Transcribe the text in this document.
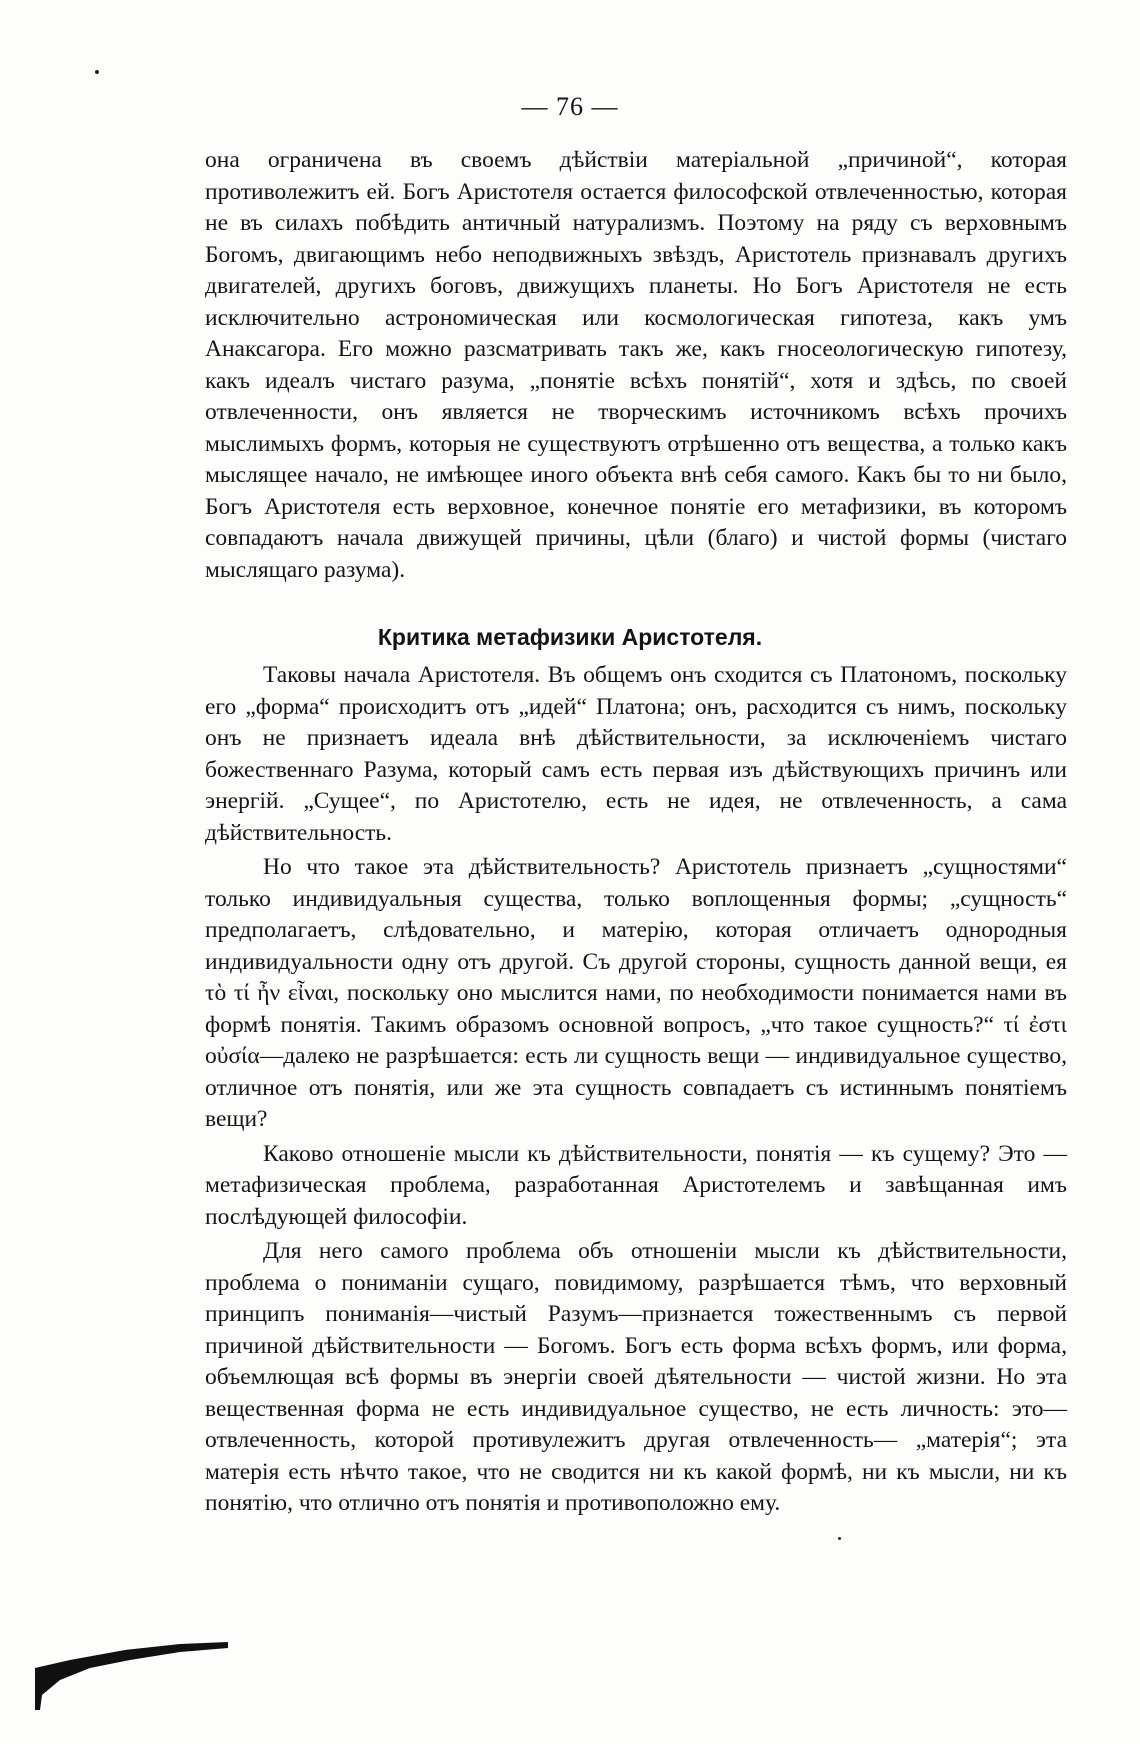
— 76 —

она ограничена въ своемъ дѣйствіи матеріальной „причиной“, которая противолежитъ ей. Богъ Аристотеля остается философской отвлеченностью, которая не въ силахъ побѣдить античный натурализмъ. Поэтому на ряду съ верховнымъ Богомъ, двигающимъ небо неподвижныхъ звѣздъ, Аристотель признавалъ другихъ двигателей, другихъ боговъ, движущихъ планеты. Но Богъ Аристотеля не есть исключительно астрономическая или космологическая гипотеза, какъ умъ Анаксагора. Его можно разсматривать такъ же, какъ гносеологическую гипотезу, какъ идеалъ чистаго разума, „понятіе всѣхъ понятій“, хотя и здѣсь, по своей отвлеченности, онъ является не творческимъ источникомъ всѣхъ прочихъ мыслимыхъ формъ, которыя не существуютъ отрѣшенно отъ вещества, а только какъ мыслящее начало, не имѣющее иного объекта внѣ себя самого. Какъ бы то ни было, Богъ Аристотеля есть верховное, конечное понятіе его метафизики, въ которомъ совпадаютъ начала движущей причины, цѣли (благо) и чистой формы (чистаго мыслящаго разума).

Критика метафизики Аристотеля.

Таковы начала Аристотеля. Въ общемъ онъ сходится съ Платономъ, поскольку его „форма“ происходитъ отъ „идей“ Платона; онъ, расходится съ нимъ, поскольку онъ не признаетъ идеала внѣ дѣйствительности, за исключеніемъ чистаго божественнаго Разума, который самъ есть первая изъ дѣйствующихъ причинъ или энергій. „Сущее“, по Аристотелю, есть не идея, не отвлеченность, а сама дѣйствительность.

Но что такое эта дѣйствительность? Аристотель признаетъ „сущностями“ только индивидуальныя существа, только воплощенныя формы; „сущность“ предполагаетъ, слѣдовательно, и матерію, которая отличаетъ однородныя индивидуальности одну отъ другой. Съ другой стороны, сущность данной вещи, ея τὸ τί ἦν εἶναι, поскольку оно мыслится нами, по необходимости понимается нами въ формѣ понятія. Такимъ образомъ основной вопросъ, „что такое сущность?“ τί ἐστι οὐσία—далеко не разрѣшается: есть ли сущность вещи — индивидуальное существо, отличное отъ понятія, или же эта сущность совпадаетъ съ истиннымъ понятіемъ вещи?

Каково отношеніе мысли къ дѣйствительности, понятія — къ сущему? Это — метафизическая проблема, разработанная Аристотелемъ и завѣщанная имъ послѣдующей философіи.

Для него самого проблема объ отношеніи мысли къ дѣйствительности, проблема о пониманіи сущаго, повидимому, разрѣшается тѣмъ, что верховный принципъ пониманія—чистый Разумъ—признается тожественнымъ съ первой причиной дѣйствительности — Богомъ. Богъ есть форма всѣхъ формъ, или форма, объемлющая всѣ формы въ энергіи своей дѣятельности — чистой жизни. Но эта вещественная форма не есть индивидуальное существо, не есть личность: это— отвлеченность, которой противулежитъ другая отвлеченность— „матерія“; эта матерія есть нѣчто такое, что не сводится ни къ какой формѣ, ни къ мысли, ни къ понятію, что отлично отъ понятія и противоположно ему.
